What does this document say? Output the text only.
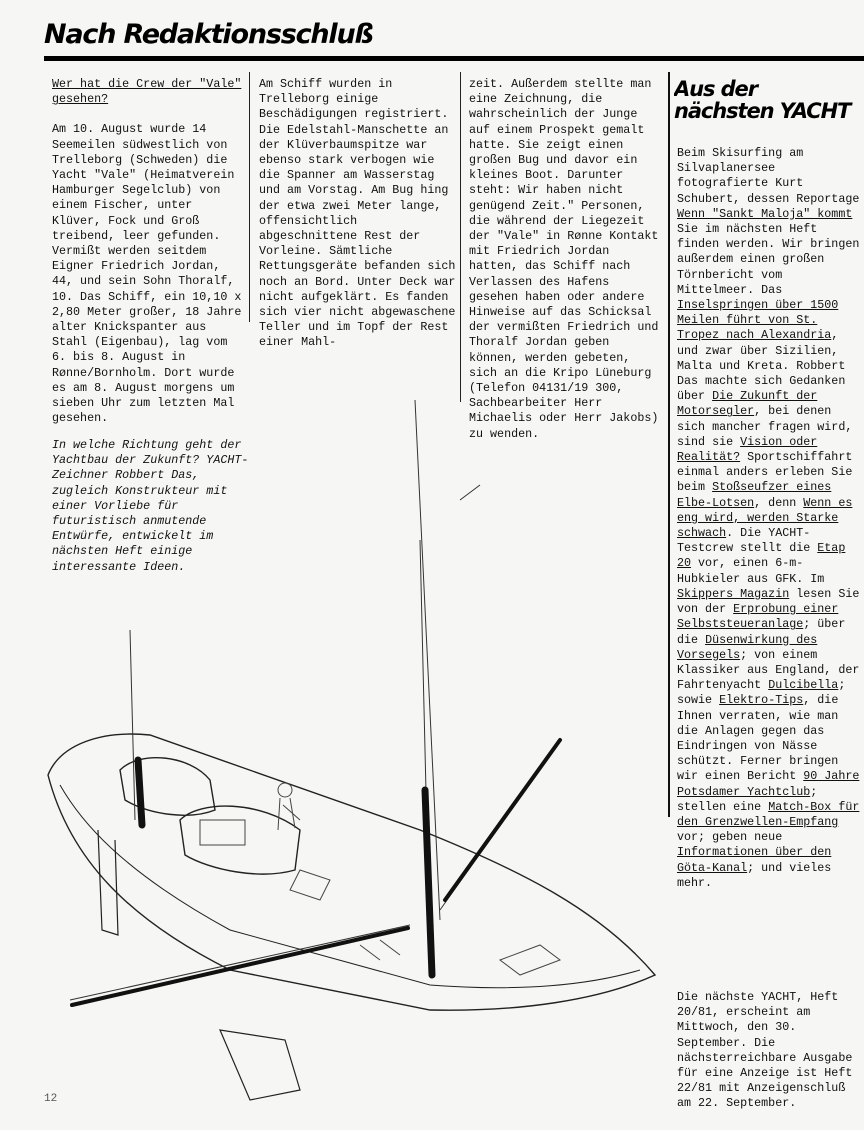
Nach Redaktionsschluß

Wer hat die Crew der "Vale" gesehen?

Am 10. August wurde 14 Seemeilen südwestlich von Trelleborg (Schweden) die Yacht "Vale" (Heimatverein Hamburger Segelclub) von einem Fischer, unter Klüver, Fock und Groß treibend, leer gefunden. Vermißt werden seitdem Eigner Friedrich Jordan, 44, und sein Sohn Thoralf, 10. Das Schiff, ein 10,10 x 2,80 Meter großer, 18 Jahre alter Knickspanter aus Stahl (Eigenbau), lag vom 6. bis 8. August in Rønne/Bornholm. Dort wurde es am 8. August morgens um sieben Uhr zum letzten Mal gesehen.

Am Schiff wurden in Trelleborg einige Beschädigungen registriert. Die Edelstahl-Manschette an der Klüverbaumspitze war ebenso stark verbogen wie die Spanner am Wasserstag und am Vorstag. Am Bug hing der etwa zwei Meter lange, offensichtlich abgeschnittene Rest der Vorleine. Sämtliche Rettungsgeräte befanden sich noch an Bord. Unter Deck war nicht aufgeklärt. Es fanden sich vier nicht abgewaschene Teller und im Topf der Rest einer Mahl-

zeit. Außerdem stellte man eine Zeichnung, die wahrscheinlich der Junge auf einem Prospekt gemalt hatte. Sie zeigt einen großen Bug und davor ein kleines Boot. Darunter steht: Wir haben nicht genügend Zeit." Personen, die während der Liegezeit der "Vale" in Rønne Kontakt mit Friedrich Jordan hatten, das Schiff nach Verlassen des Hafens gesehen haben oder andere Hinweise auf das Schicksal der vermißten Friedrich und Thoralf Jordan geben können, werden gebeten, sich an die Kripo Lüneburg (Telefon 04131/19 300, Sachbearbeiter Herr Michaelis oder Herr Jakobs) zu wenden.

In welche Richtung geht der Yachtbau der Zukunft? YACHT-Zeichner Robbert Das, zugleich Konstrukteur mit einer Vorliebe für futuristisch anmutende Entwürfe, entwickelt im nächsten Heft einige interessante Ideen.
Aus der
nächsten YACHT

Beim Skisurfing am Silvaplanersee fotografierte Kurt Schubert, dessen Reportage Wenn "Sankt Maloja" kommt Sie im nächsten Heft finden werden. Wir bringen außerdem einen großen Törnbericht vom Mittelmeer. Das Inselspringen über 1500 Meilen führt von St. Tropez nach Alexandria, und zwar über Sizilien, Malta und Kreta. Robbert Das machte sich Gedanken über Die Zukunft der Motorsegler, bei denen sich mancher fragen wird, sind sie Vision oder Realität? Sportschiffahrt einmal anders erleben Sie beim Stoßseufzer eines Elbe-Lotsen, denn Wenn es eng wird, werden Starke schwach. Die YACHT-Testcrew stellt die Etap 20 vor, einen 6-m-Hubkieler aus GFK. Im Skippers Magazin lesen Sie von der Erprobung einer Selbststeueranlage; über die Düsenwirkung des Vorsegels; von einem Klassiker aus England, der Fahrtenyacht Dulcibella; sowie Elektro-Tips, die Ihnen verraten, wie man die Anlagen gegen das Eindringen von Nässe schützt. Ferner bringen wir einen Bericht 90 Jahre Potsdamer Yachtclub; stellen eine Match-Box für den Grenzwellen-Empfang vor; geben neue Informationen über den Göta-Kanal; und vieles mehr.

Die nächste YACHT, Heft 20/81, erscheint am Mittwoch, den 30. September. Die nächsterreichbare Ausgabe für eine Anzeige ist Heft 22/81 mit Anzeigenschluß am 22. September.
12
